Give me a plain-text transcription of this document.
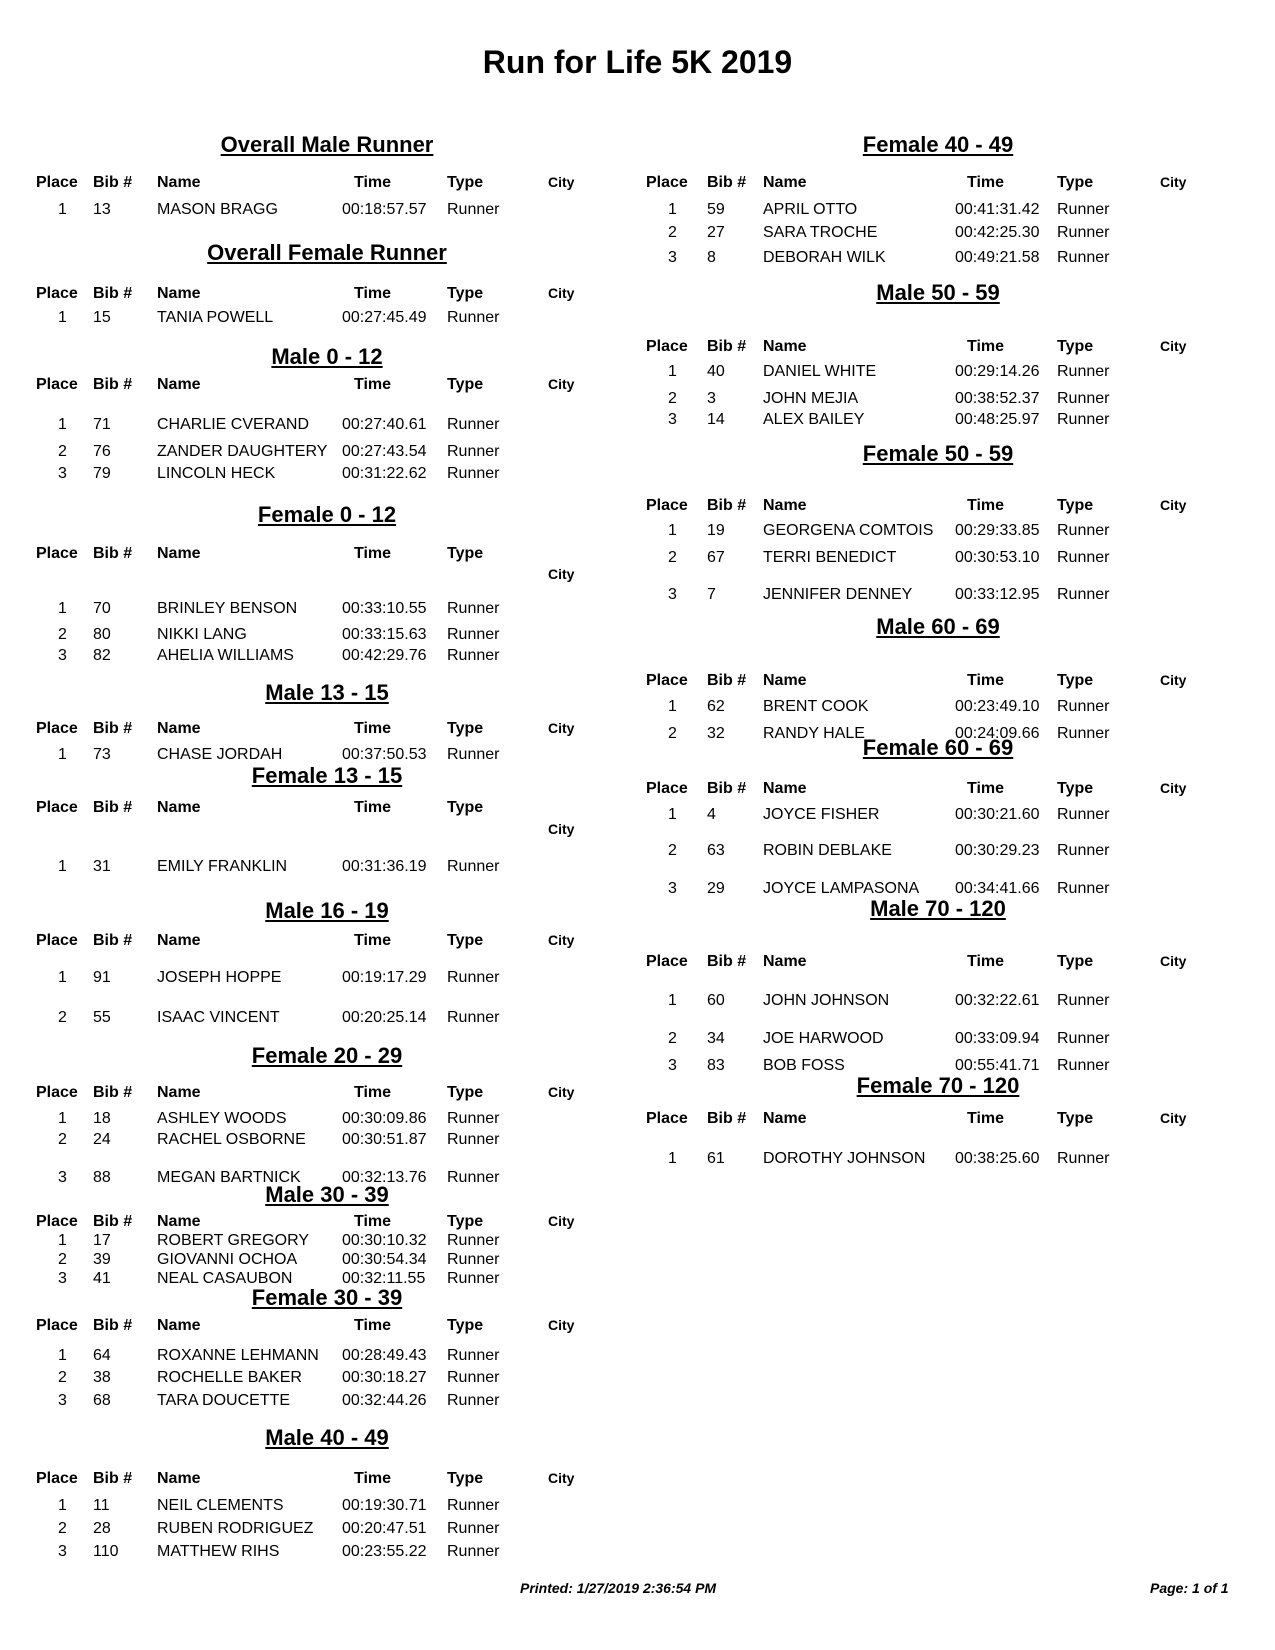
Run for Life 5K 2019
Overall Male Runner
Place Bib # Name	Time	Type	City
1 13	MASON BRAGG	00:18:57.57 Runner
Overall Female Runner
Place Bib # Name	Time	Type	City
1 15	TANIA POWELL	00:27:45.49 Runner
Male 0 - 12
Place Bib # Name	Time	Type	City
1 71	CHARLIE CVERAND 00:27:40.61 Runner
2 76	ZANDER DAUGHTERY 00:27:43.54 Runner
3 79	LINCOLN HECK	00:31:22.62 Runner
Female 0 - 12
Place Bib # Name	Time	Type
City
1 70	BRINLEY BENSON	00:33:10.55 Runner
2 80	NIKKI LANG	00:33:15.63 Runner
3 82	AHELIA WILLIAMS	00:42:29.76 Runner
Male 13 - 15
Place Bib # Name	Time	Type	City
1 73	CHASE JORDAH	00:37:50.53 Runner
Female 13 - 15
Place Bib # Name	Time	Type
City
1 31	EMILY FRANKLIN	00:31:36.19 Runner
Male 16 - 19
Place Bib # Name	Time	Type	City
1 91	JOSEPH HOPPE	00:19:17.29 Runner
2 55	ISAAC VINCENT	00:20:25.14 Runner
Female 20 - 29
Place Bib # Name	Time	Type	City
1 18	ASHLEY WOODS	00:30:09.86 Runner
2 24	RACHEL OSBORNE 00:30:51.87 Runner
3 88	MEGAN BARTNICK	00:32:13.76 Runner
Male 30 - 39
Place Bib # Name	Time	Type	City
1 17	ROBERT GREGORY 00:30:10.32 Runner
2 39	GIOVANNI OCHOA	00:30:54.34 Runner
3 41	NEAL CASAUBON	00:32:11.55 Runner
Female 30 - 39
Place Bib # Name	Time	Type	City
1 64	ROXANNE LEHMANN 00:28:49.43 Runner
2 38	ROCHELLE BAKER	00:30:18.27 Runner
3 68	TARA DOUCETTE	00:32:44.26 Runner
Male 40 - 49
Place Bib # Name	Time	Type	City
1 11	NEIL CLEMENTS	00:19:30.71 Runner
2 28	RUBEN RODRIGUEZ 00:20:47.51 Runner
3 110 MATTHEW RIHS	00:23:55.22 Runner
Female 40 - 49
Place Bib # Name	Time	Type	City
1 59 APRIL OTTO	00:41:31.42 Runner
2 27 SARA TROCHE	00:42:25.30 Runner
3 8	DEBORAH WILK	00:49:21.58 Runner
Male 50 - 59
Place Bib # Name	Time	Type	City
1 40 DANIEL WHITE	00:29:14.26 Runner
2 3	JOHN MEJIA	00:38:52.37 Runner
3 14 ALEX BAILEY	00:48:25.97 Runner
Female 50 - 59
Place Bib # Name	Time	Type	City
1 19 GEORGENA COMTOIS 00:29:33.85 Runner
2 67 TERRI BENEDICT	00:30:53.10 Runner
3 7	JENNIFER DENNEY	00:33:12.95 Runner
Male 60 - 69
Place Bib # Name	Time	Type	City
1 62 BRENT COOK	00:23:49.10 Runner
2 32 RANDY HALE	00:24:09.66 Runner
Female 60 - 69
Place Bib # Name	Time	Type	City
1 4	JOYCE FISHER	00:30:21.60 Runner
2 63 ROBIN DEBLAKE	00:30:29.23 Runner
3 29 JOYCE LAMPASONA 00:34:41.66 Runner
Male 70 - 120
Place Bib # Name	Time	Type	City
1 60 JOHN JOHNSON	00:32:22.61 Runner
2 34 JOE HARWOOD	00:33:09.94 Runner
3 83 BOB FOSS	00:55:41.71 Runner
Female 70 - 120
Place Bib # Name	Time	Type	City
1 61 DOROTHY JOHNSON 00:38:25.60 Runner
Printed: 1/27/2019 2:36:54 PM	Page: 1 of 1
